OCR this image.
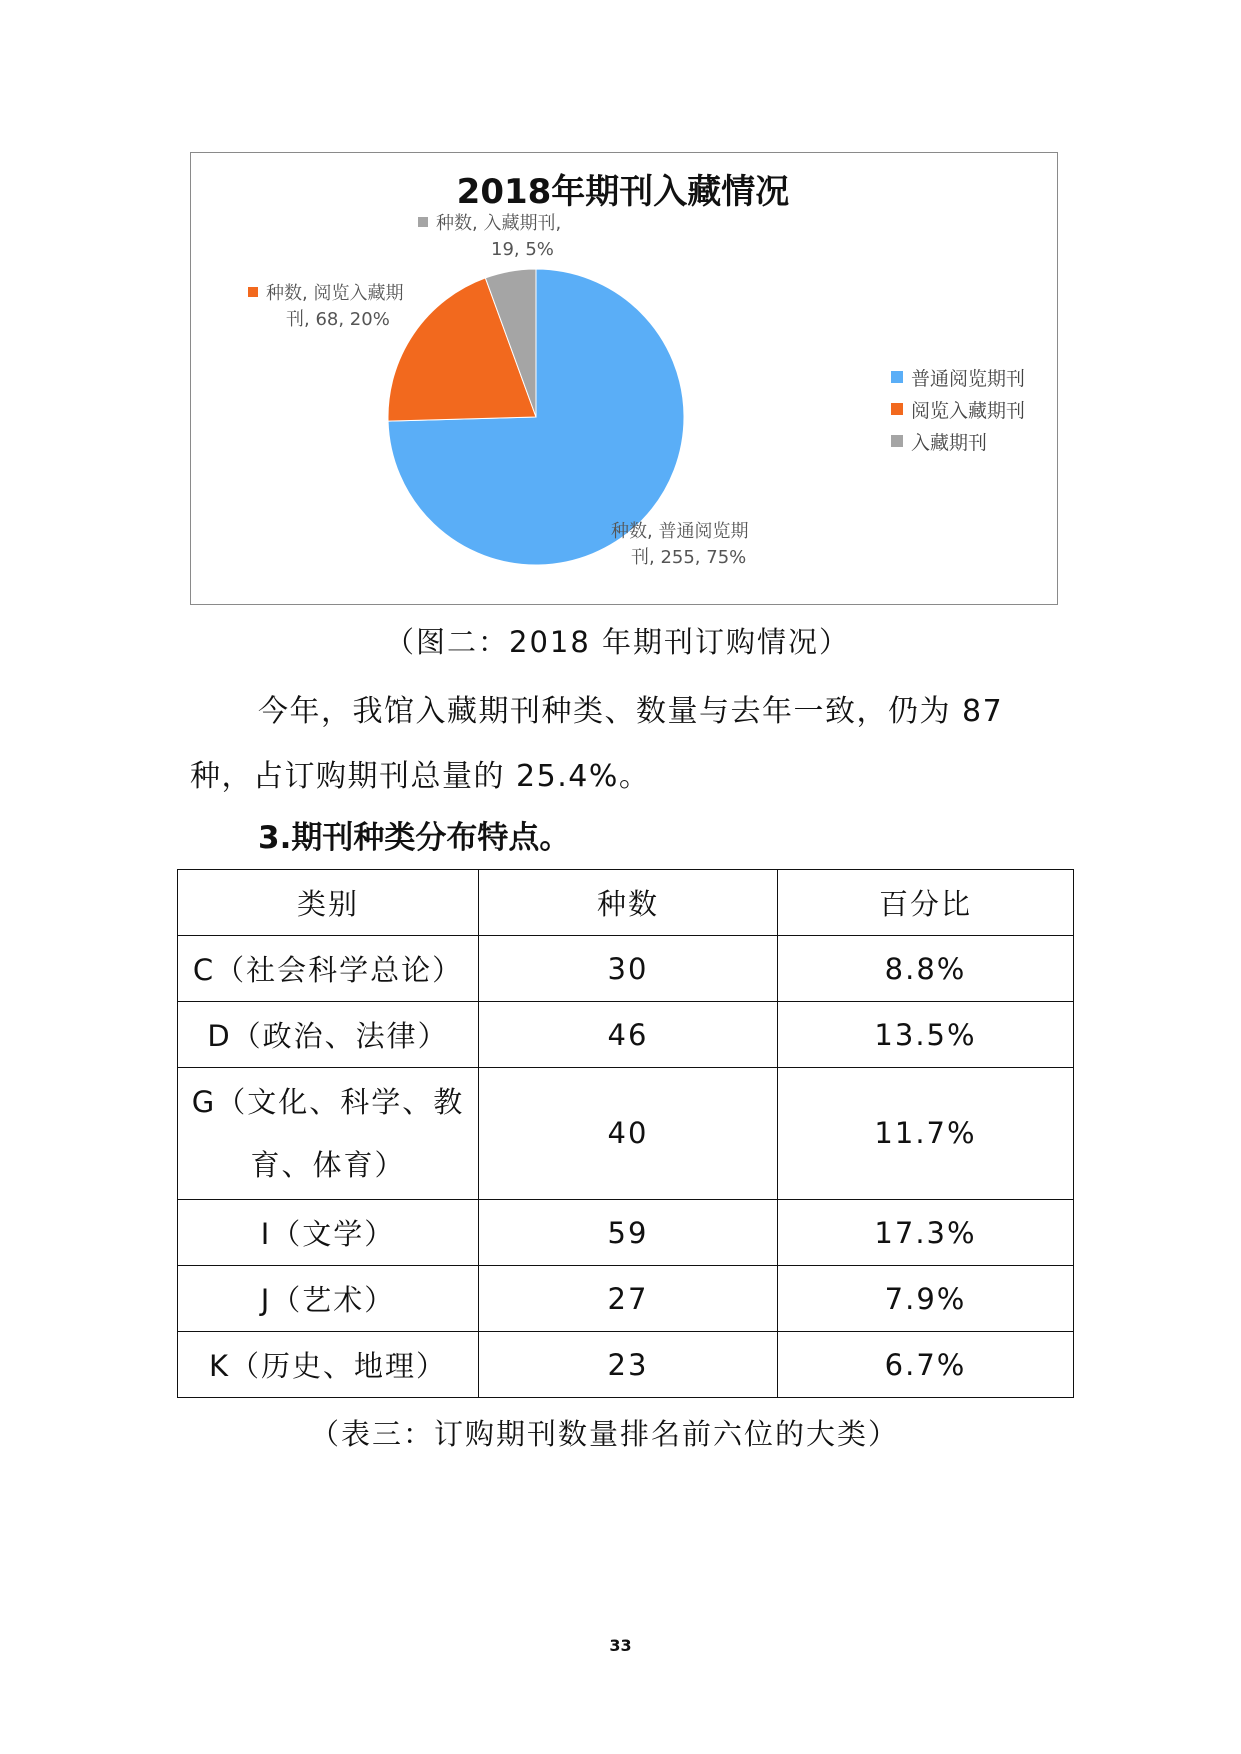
2018年期刊入藏情况
种数, 普通阅览期
刊, 255, 75%
种数, 阅览入藏期
刊, 68, 20%
种数, 入藏期刊,
19, 5%
普通阅览期刊
阅览入藏期刊
入藏期刊
（图二：2018 年期刊订购情况）
今年，我馆入藏期刊种类、数量与去年一致，仍为 87
种，占订购期刊总量的 25.4%。
3.期刊种类分布特点。
类别	种数	百分比
C（社会科学总论）	30	8.8%
D（政治、法律）	46	13.5%

G（文化、科学、教
育、体育）	40	11.7%
I（文学）	59	17.3%
J（艺术）	27	7.9%
K（历史、地理）	23	6.7%
（表三：订购期刊数量排名前六位的大类）
33
